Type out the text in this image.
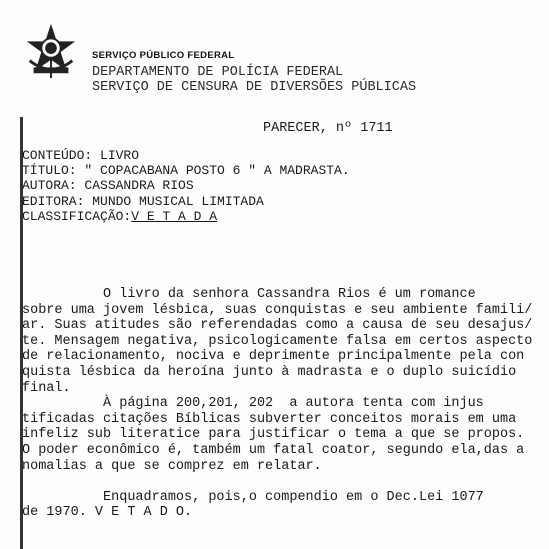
SERVIÇO PÚBLICO FEDERAL
DEPARTAMENTO DE POLÍCIA FEDERAL
SERVIÇO DE CENSURA DE DIVERSÕES PÚBLICAS
PARECER, nº 1711
CONTEÚDO: LIVRO
TÍTULO: " COPACABANA POSTO 6 " A MADRASTA.
AUTORA: CASSANDRA RIOS
EDITORA: MUNDO MUSICAL LIMITADA
CLASSIFICAÇÃO:V E T A D A
O livro da senhora Cassandra Rios é um romance
sobre uma jovem lésbica, suas conquistas e seu ambiente famili/
ar. Suas atitudes são referendadas como a causa de seu desajus/
te. Mensagem negativa, psicologicamente falsa em certos aspecto
de relacionamento, nociva e deprimente principalmente pela con
quista lésbica da heroína junto à madrasta e o duplo suicídio
final.
À página 200,201, 202  a autora tenta com injus
tificadas citações Bíblicas subverter conceitos morais em uma
infeliz sub literatice para justificar o tema a que se propos.
O poder econômico é, também um fatal coator, segundo ela,das a
nomalias a que se comprez em relatar.

Enquadramos, pois,o compendio em o Dec.Lei 1077
de 1970. V E T A D O.
